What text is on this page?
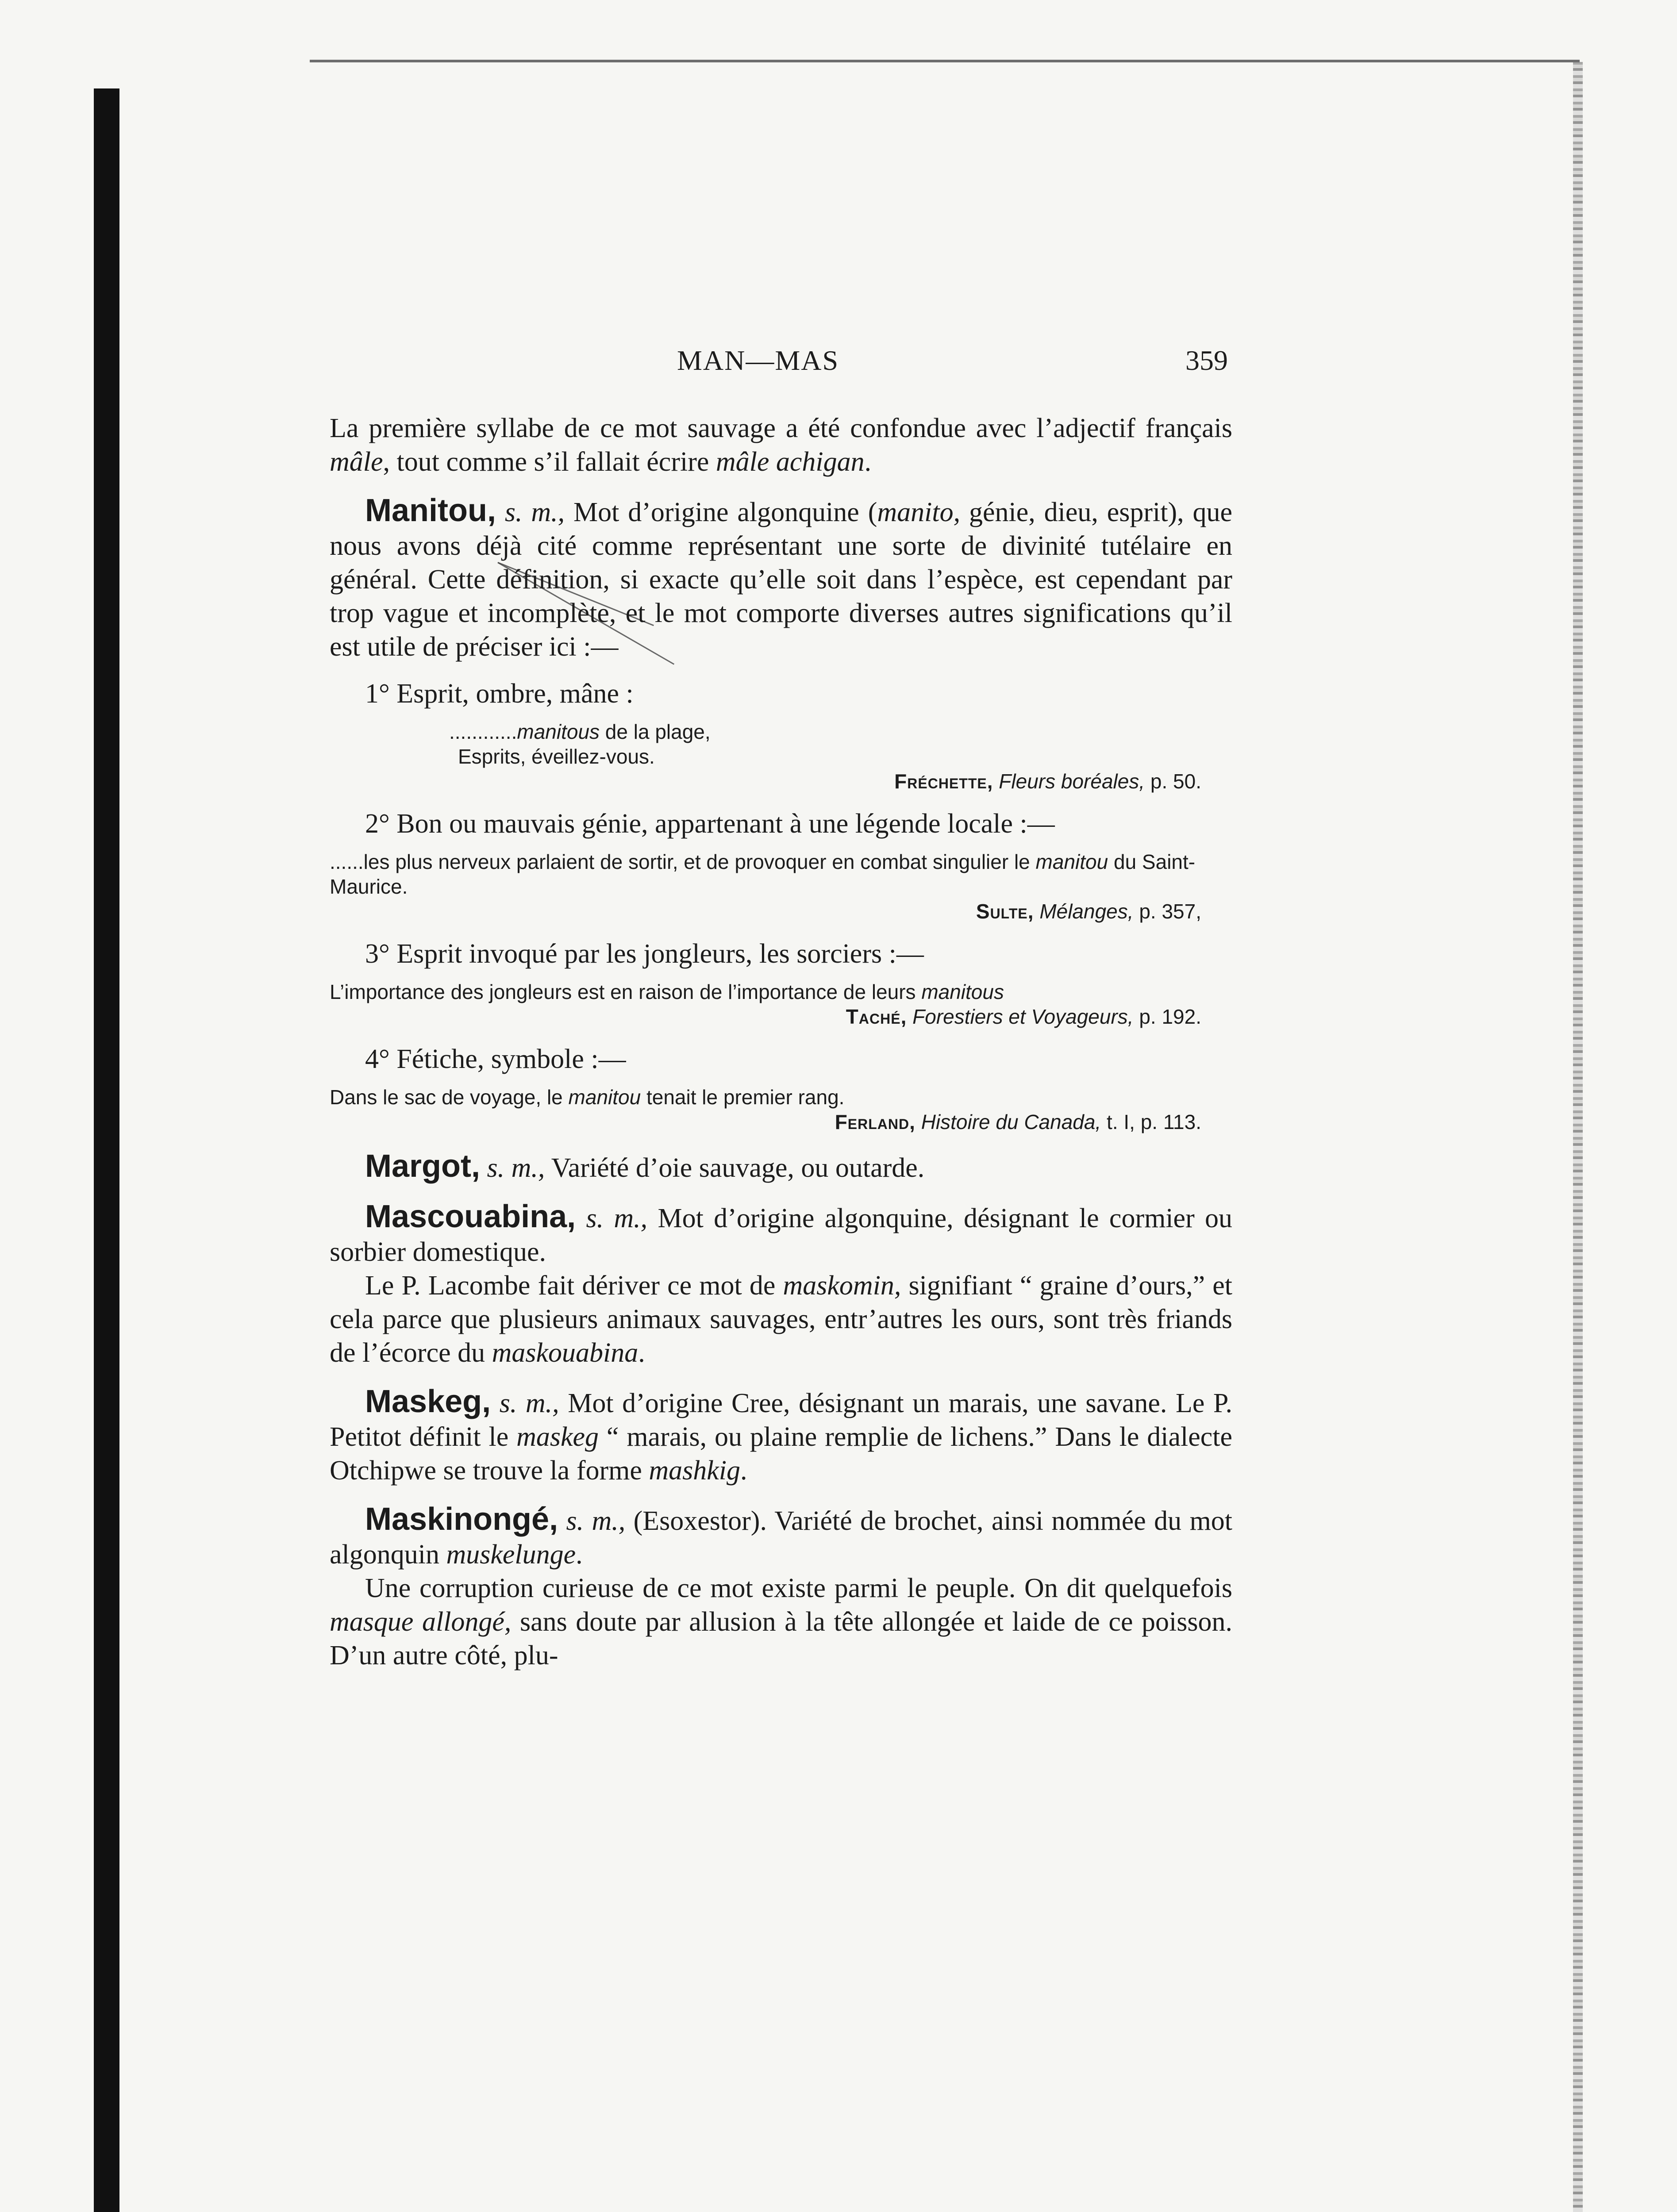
MAN—MAS	359

La première syllabe de ce mot sauvage a été confondue avec l’adjectif français mâle, tout comme s’il fallait écrire mâle achigan.

Manitou, s. m., Mot d’origine algonquine (manito, génie, dieu, esprit), que nous avons déjà cité comme représentant une sorte de divinité tutélaire en général. Cette définition, si exacte qu’elle soit dans l’espèce, est cependant par trop vague et incomplète, et le mot comporte diverses autres significations qu’il est utile de préciser ici :—

1° Esprit, ombre, mâne :

............manitous de la plage,

Esprits, éveillez-vous.

Fréchette, Fleurs boréales, p. 50.

2° Bon ou mauvais génie, appartenant à une légende locale :—

......les plus nerveux parlaient de sortir, et de provoquer en combat singulier le manitou du Saint-Maurice.

Sulte, Mélanges, p. 357,

3° Esprit invoqué par les jongleurs, les sorciers :—

L’importance des jongleurs est en raison de l’importance de leurs manitous

Taché, Forestiers et Voyageurs, p. 192.

4° Fétiche, symbole :—

Dans le sac de voyage, le manitou tenait le premier rang.

Ferland, Histoire du Canada, t. I, p. 113.

Margot, s. m., Variété d’oie sauvage, ou outarde.

Mascouabina, s. m., Mot d’origine algonquine, désignant le cormier ou sorbier domestique.

Le P. Lacombe fait dériver ce mot de maskomin, signifiant “ graine d’ours,” et cela parce que plusieurs animaux sauvages, entr’autres les ours, sont très friands de l’écorce du maskouabina.

Maskeg, s. m., Mot d’origine Cree, désignant un marais, une savane. Le P. Petitot définit le maskeg “ marais, ou plaine remplie de lichens.” Dans le dialecte Otchipwe se trouve la forme mashkig.

Maskinongé, s. m., (Esoxestor). Variété de brochet, ainsi nommée du mot algonquin muskelunge.

Une corruption curieuse de ce mot existe parmi le peuple. On dit quelquefois masque allongé, sans doute par allusion à la tête allongée et laide de ce poisson. D’un autre côté, plu-
